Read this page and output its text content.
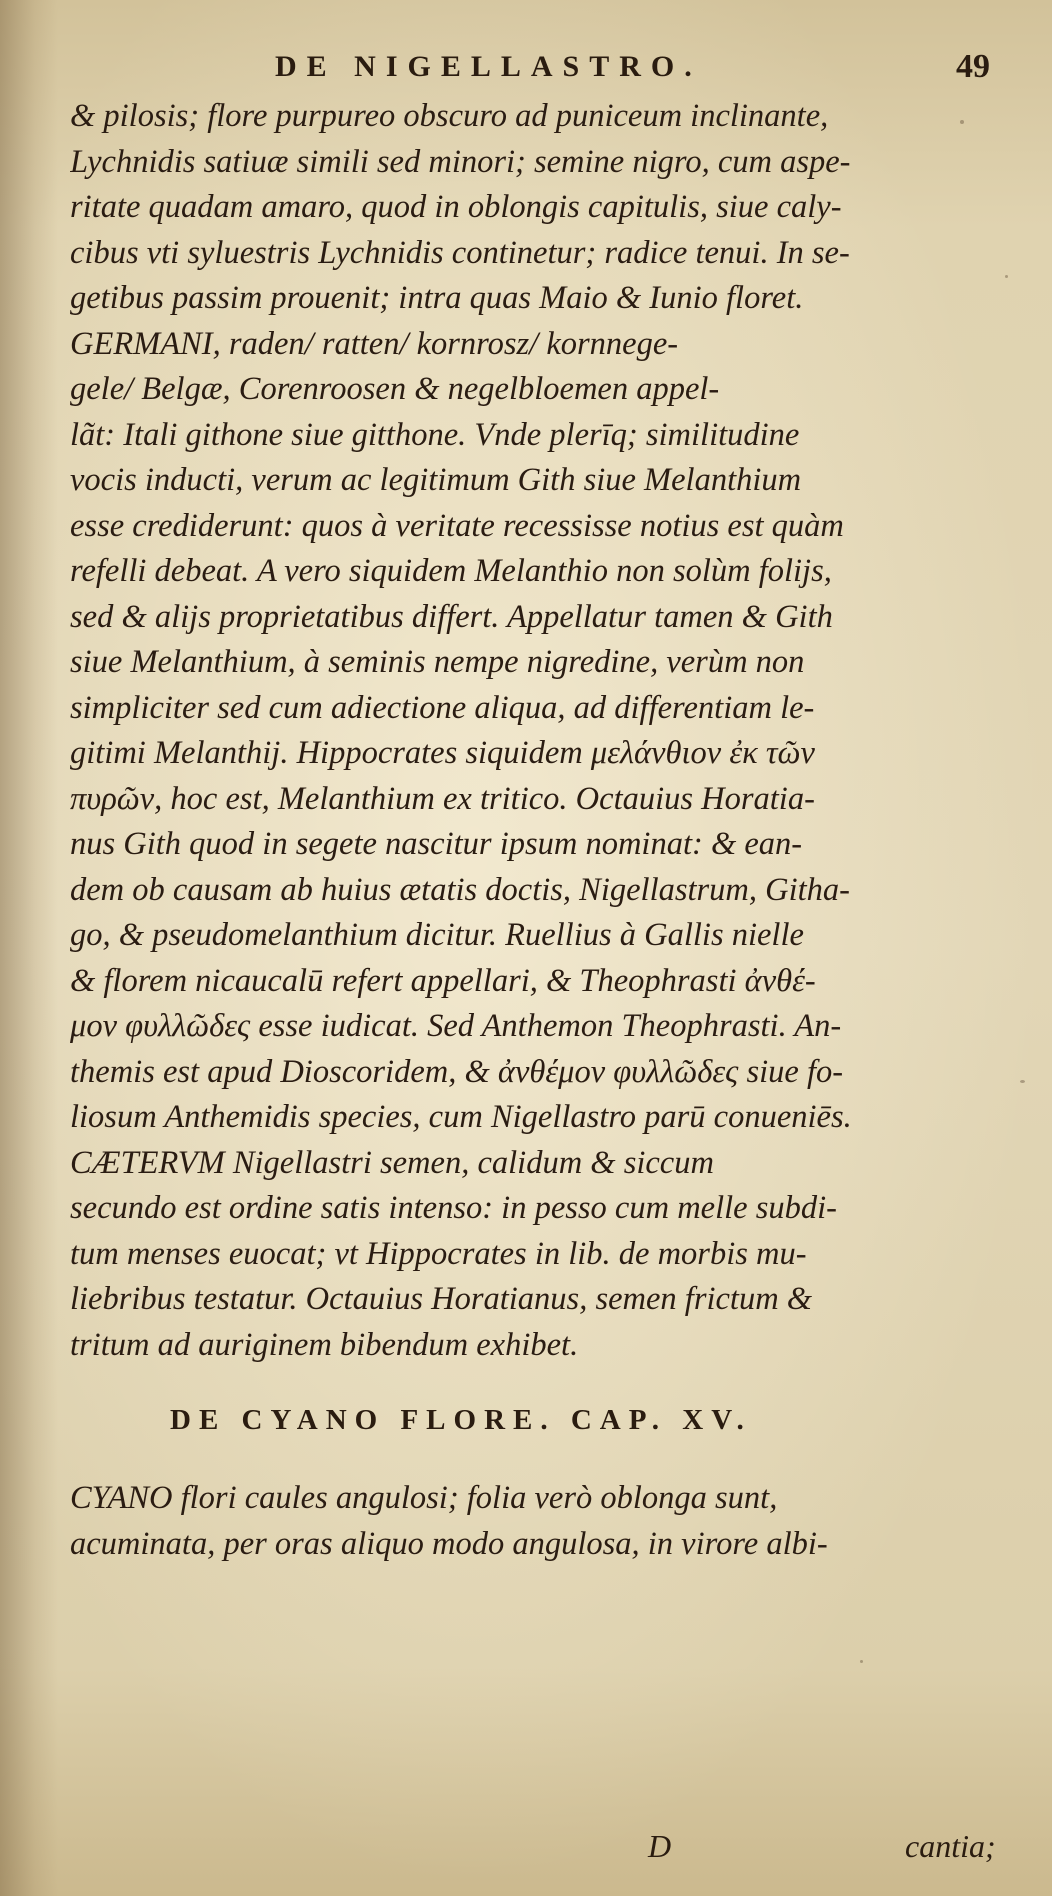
DE NIGELLASTRO.	49
& pilosis; flore purpureo obscuro ad puniceum inclinante,
Lychnidis satiuæ simili sed minori; semine nigro, cum aspe-
ritate quadam amaro, quod in oblongis capitulis, siue caly-
cibus vti syluestris Lychnidis continetur; radice tenui. In se-
getibus passim prouenit; intra quas Maio & Iunio floret.
GERMANI, raden/ ratten/ kornrosz/ kornnege-
gele/ Belgæ, Corenroosen & negelbloemen appel-
lãt: Itali githone siue gitthone. Vnde plerīq; similitudine
vocis inducti, verum ac legitimum Gith siue Melanthium
esse crediderunt: quos à veritate recessisse notius est quàm
refelli debeat. A vero siquidem Melanthio non solùm folijs,
sed & alijs proprietatibus differt. Appellatur tamen & Gith
siue Melanthium, à seminis nempe nigredine, verùm non
simpliciter sed cum adiectione aliqua, ad differentiam le-
gitimi Melanthij. Hippocrates siquidem μελάνθιον ἐκ τῶν
πυρῶν, hoc est, Melanthium ex tritico. Octauius Horatia-
nus Gith quod in segete nascitur ipsum nominat: & ean-
dem ob causam ab huius ætatis doctis, Nigellastrum, Githa-
go, & pseudomelanthium dicitur. Ruellius à Gallis nielle
& florem nicaucalū refert appellari, & Theophrasti ἀνθέ-
μον φυλλῶδες esse iudicat. Sed Anthemon Theophrasti. An-
themis est apud Dioscoridem, & ἀνθέμον φυλλῶδες siue fo-
liosum Anthemidis species, cum Nigellastro parū conueniēs.
CÆTERVM Nigellastri semen, calidum & siccum
secundo est ordine satis intenso: in pesso cum melle subdi-
tum menses euocat; vt Hippocrates in lib. de morbis mu-
liebribus testatur. Octauius Horatianus, semen frictum &
tritum ad auriginem bibendum exhibet.
DE CYANO FLORE. CAP. XV.
CYANO flori caules angulosi; folia verò oblonga sunt,
acuminata, per oras aliquo modo angulosa, in virore albi-
D	cantia;
